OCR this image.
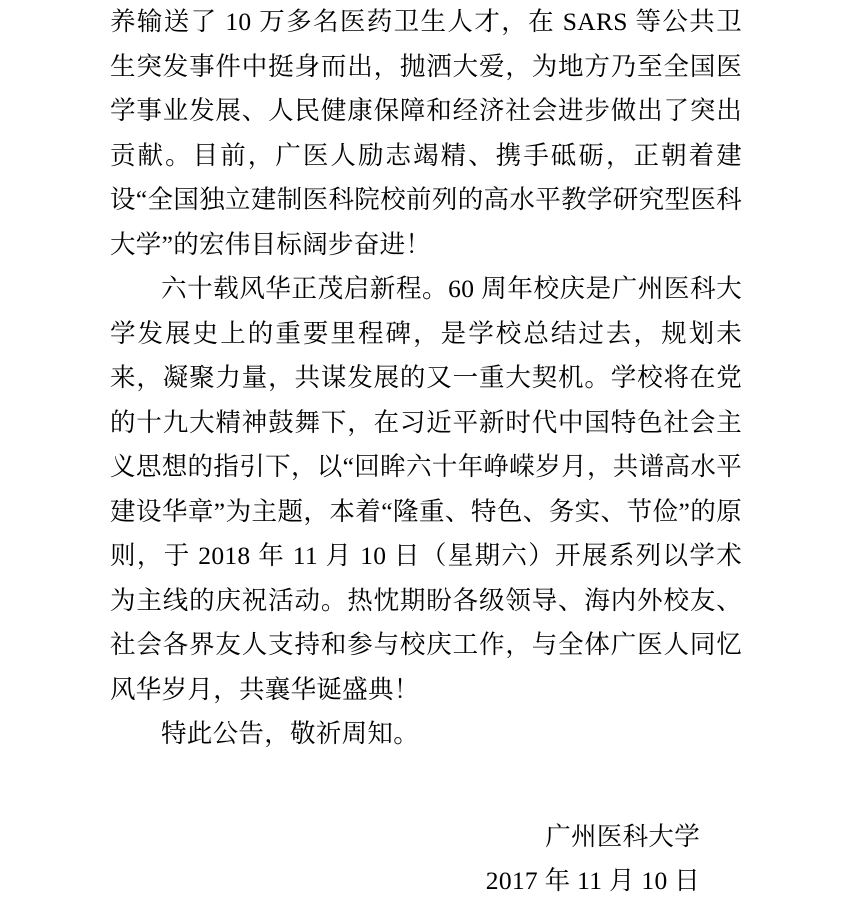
养输送了 10 万多名医药卫生人才，在 SARS 等公共卫生突发事件中挺身而出，抛洒大爱，为地方乃至全国医学事业发展、人民健康保障和经济社会进步做出了突出贡献。目前，广医人励志竭精、携手砥砺，正朝着建设“全国独立建制医科院校前列的高水平教学研究型医科大学”的宏伟目标阔步奋进！

六十载风华正茂启新程。60 周年校庆是广州医科大学发展史上的重要里程碑，是学校总结过去，规划未来，凝聚力量，共谋发展的又一重大契机。学校将在党的十九大精神鼓舞下，在习近平新时代中国特色社会主义思想的指引下，以“回眸六十年峥嵘岁月，共谱高水平建设华章”为主题，本着“隆重、特色、务实、节俭”的原则，于 2018 年 11 月 10 日（星期六）开展系列以学术为主线的庆祝活动。热忱期盼各级领导、海内外校友、社会各界友人支持和参与校庆工作，与全体广医人同忆风华岁月，共襄华诞盛典！

特此公告，敬祈周知。

广州医科大学
2017 年 11 月 10 日
